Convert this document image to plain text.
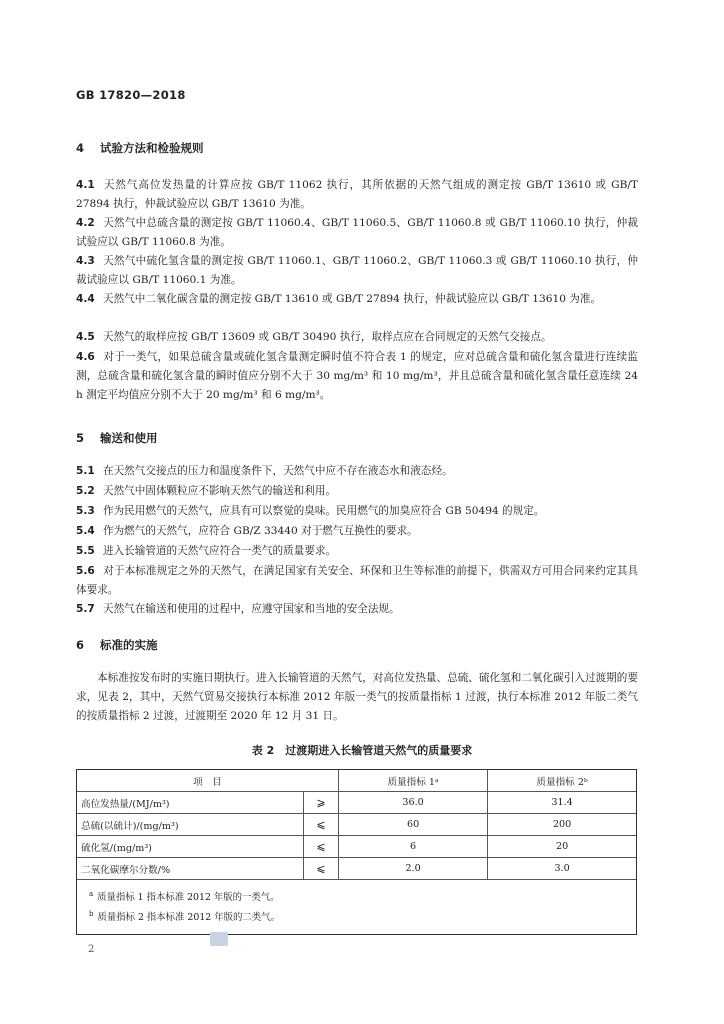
GB 17820—2018
4 试验方法和检验规则
4.1 天然气高位发热量的计算应按 GB/T 11062 执行，其所依据的天然气组成的测定按 GB/T 13610 或 GB/T 27894 执行，仲裁试验应以 GB/T 13610 为准。
4.2 天然气中总硫含量的测定按 GB/T 11060.4、GB/T 11060.5、GB/T 11060.8 或 GB/T 11060.10 执行，仲裁试验应以 GB/T 11060.8 为准。
4.3 天然气中硫化氢含量的测定按 GB/T 11060.1、GB/T 11060.2、GB/T 11060.3 或 GB/T 11060.10 执行，仲裁试验应以 GB/T 11060.1 为准。
4.4 天然气中二氧化碳含量的测定按 GB/T 13610 或 GB/T 27894 执行，仲裁试验应以 GB/T 13610 为准。
4.5 天然气的取样应按 GB/T 13609 或 GB/T 30490 执行，取样点应在合同规定的天然气交接点。
4.6 对于一类气，如果总硫含量或硫化氢含量测定瞬时值不符合表 1 的规定，应对总硫含量和硫化氢含量进行连续监测，总硫含量和硫化氢含量的瞬时值应分别不大于 30 mg/m³ 和 10 mg/m³，并且总硫含量和硫化氢含量任意连续 24 h 测定平均值应分别不大于 20 mg/m³ 和 6 mg/m³。
5 输送和使用
5.1 在天然气交接点的压力和温度条件下，天然气中应不存在液态水和液态烃。
5.2 天然气中固体颗粒应不影响天然气的输送和利用。
5.3 作为民用燃气的天然气，应具有可以察觉的臭味。民用燃气的加臭应符合 GB 50494 的规定。
5.4 作为燃气的天然气，应符合 GB/Z 33440 对于燃气互换性的要求。
5.5 进入长输管道的天然气应符合一类气的质量要求。
5.6 对于本标准规定之外的天然气，在满足国家有关安全、环保和卫生等标准的前提下，供需双方可用合同来约定其具体要求。
5.7 天然气在输送和使用的过程中，应遵守国家和当地的安全法规。
6 标准的实施
本标准按发布时的实施日期执行。进入长输管道的天然气，对高位发热量、总硫、硫化氢和二氧化碳引入过渡期的要求，见表 2，其中，天然气贸易交接执行本标准 2012 年版一类气的按质量指标 1 过渡，执行本标准 2012 年版二类气的按质量指标 2 过渡，过渡期至 2020 年 12 月 31 日。
表 2　过渡期进入长输管道天然气的质量要求
项　目		质量指标 1ᵃ	质量指标 2ᵇ
高位发热量/(MJ/m³)	⩾	36.0	31.4
总硫(以硫计)/(mg/m³)	⩽	60	200
硫化氢/(mg/m³)	⩽	6	20
二氧化碳摩尔分数/%	⩽	2.0	3.0
$^a$ 质量指标 1 指本标准 2012 年版的一类气。
$^b$ 质量指标 2 指本标准 2012 年版的二类气。
2
